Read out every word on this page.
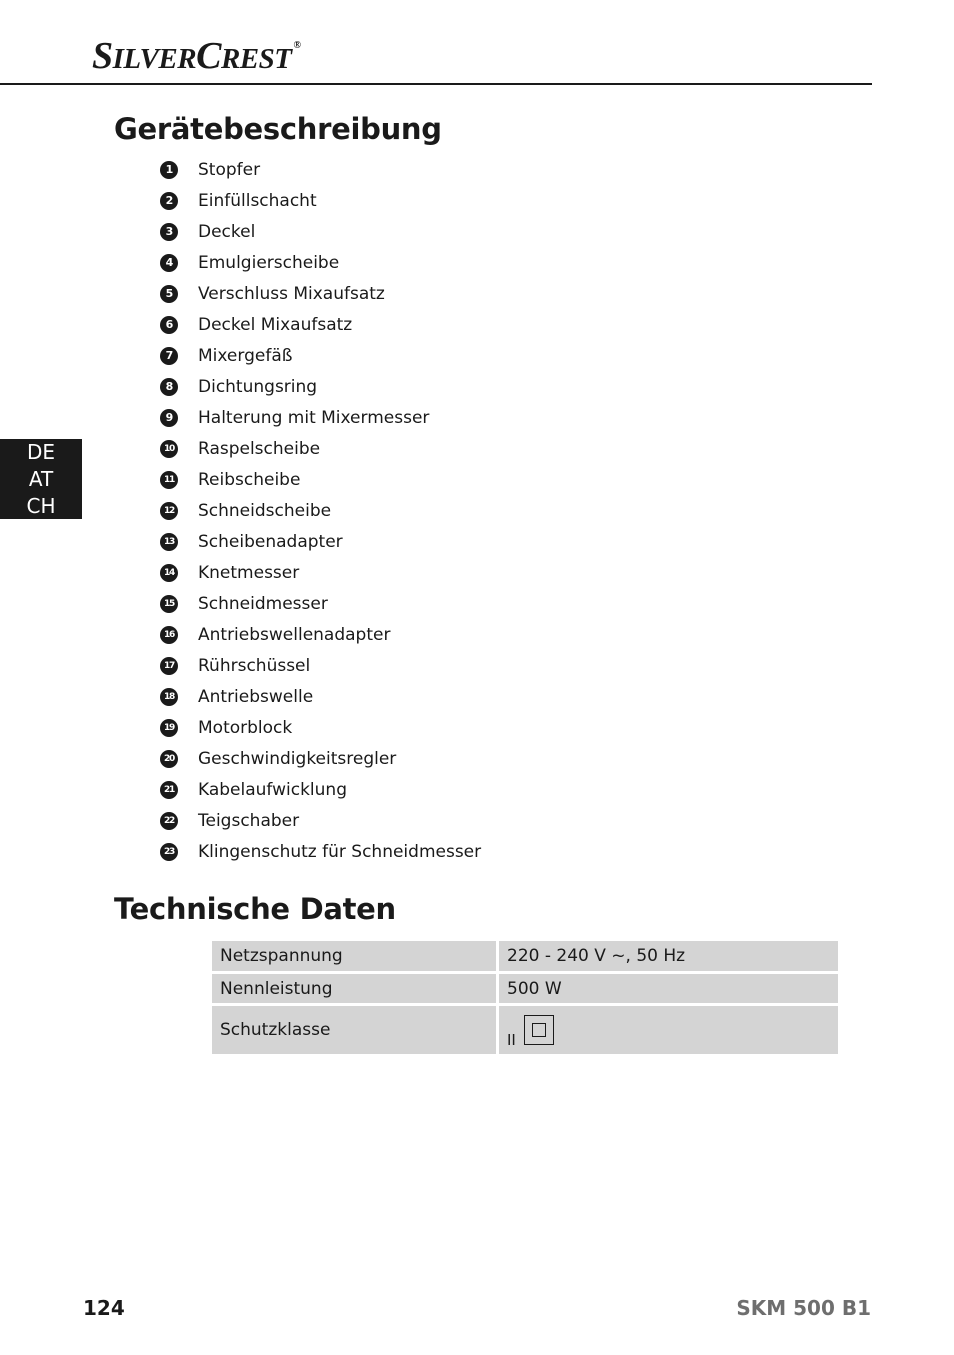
SILVERCREST ®
Gerätebeschreibung
1	Stopfer
2	Einfüllschacht
3	Deckel
4	Emulgierscheibe
5	Verschluss Mixaufsatz
6	Deckel Mixaufsatz
7	Mixergefäß
8	Dichtungsring
9	Halterung mit Mixermesser
10 Raspelscheibe
11 Reibscheibe
12 Schneidscheibe
13 Scheibenadapter
14 Knetmesser
15 Schneidmesser
16 Antriebswellenadapter
17 Rührschüssel
18 Antriebswelle
19 Motorblock
20 Geschwindigkeitsregler
21 Kabelaufwicklung
22 Teigschaber
23 Klingenschutz für Schneidmesser
DE
AT
CH
Technische Daten
Netzspannung	220 - 240 V ~, 50 Hz
Nennleistung	500 W
Schutzklasse	II
124	SKM 500 B1
